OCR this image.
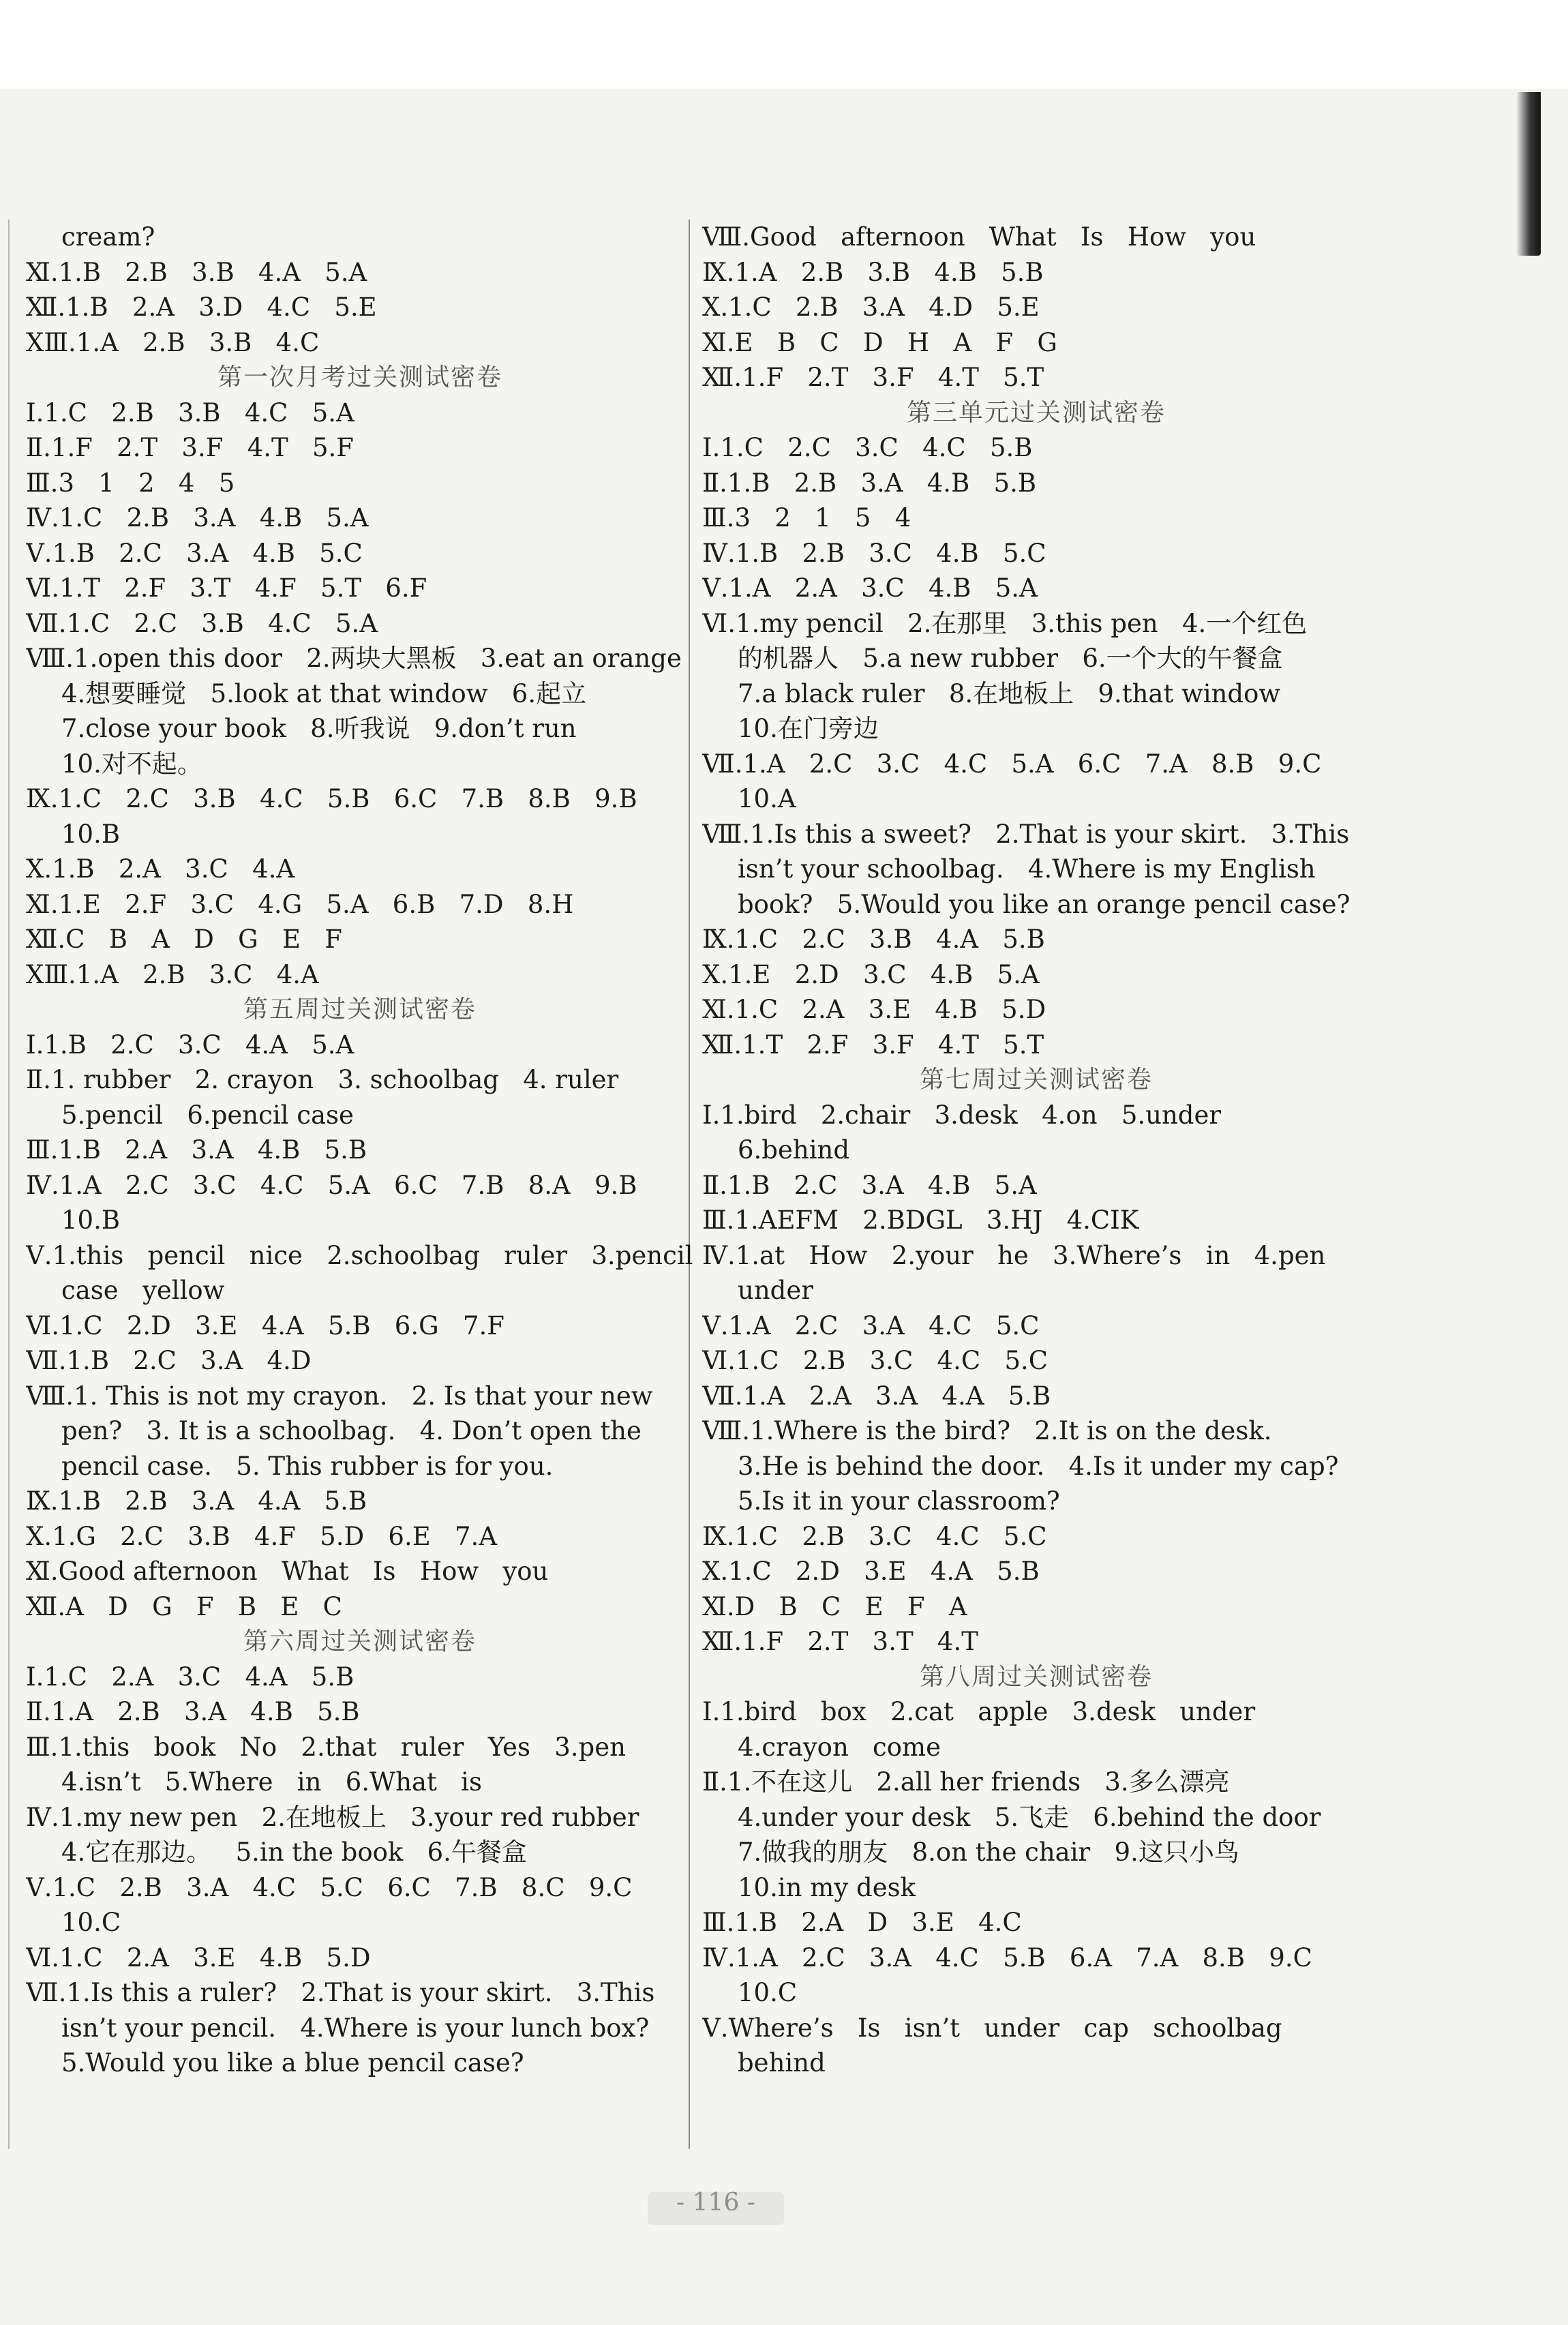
cream?
Ⅺ.1.B   2.B   3.B   4.A   5.A
Ⅻ.1.B   2.A   3.D   4.C   5.E
ⅩⅢ.1.A   2.B   3.B   4.C
第一次月考过关测试密卷
Ⅰ.1.C   2.B   3.B   4.C   5.A
Ⅱ.1.F   2.T   3.F   4.T   5.F
Ⅲ.3   1   2   4   5
Ⅳ.1.C   2.B   3.A   4.B   5.A
Ⅴ.1.B   2.C   3.A   4.B   5.C
Ⅵ.1.T   2.F   3.T   4.F   5.T   6.F
Ⅶ.1.C   2.C   3.B   4.C   5.A
Ⅷ.1.open this door   2.两块大黑板   3.eat an orange
4.想要睡觉   5.look at that window   6.起立
7.close your book   8.听我说   9.don’t run
10.对不起。
Ⅸ.1.C   2.C   3.B   4.C   5.B   6.C   7.B   8.B   9.B
10.B
Ⅹ.1.B   2.A   3.C   4.A
Ⅺ.1.E   2.F   3.C   4.G   5.A   6.B   7.D   8.H
Ⅻ.C   B   A   D   G   E   F
ⅩⅢ.1.A   2.B   3.C   4.A
第五周过关测试密卷
Ⅰ.1.B   2.C   3.C   4.A   5.A
Ⅱ.1. rubber   2. crayon   3. schoolbag   4. ruler
5.pencil   6.pencil case
Ⅲ.1.B   2.A   3.A   4.B   5.B
Ⅳ.1.A   2.C   3.C   4.C   5.A   6.C   7.B   8.A   9.B
10.B
Ⅴ.1.this   pencil   nice   2.schoolbag   ruler   3.pencil
case   yellow
Ⅵ.1.C   2.D   3.E   4.A   5.B   6.G   7.F
Ⅶ.1.B   2.C   3.A   4.D
Ⅷ.1. This is not my crayon.   2. Is that your new
pen?   3. It is a schoolbag.   4. Don’t open the
pencil case.   5. This rubber is for you.
Ⅸ.1.B   2.B   3.A   4.A   5.B
Ⅹ.1.G   2.C   3.B   4.F   5.D   6.E   7.A
Ⅺ.Good afternoon   What   Is   How   you
Ⅻ.A   D   G   F   B   E   C
第六周过关测试密卷
Ⅰ.1.C   2.A   3.C   4.A   5.B
Ⅱ.1.A   2.B   3.A   4.B   5.B
Ⅲ.1.this   book   No   2.that   ruler   Yes   3.pen
4.isn’t   5.Where   in   6.What   is
Ⅳ.1.my new pen   2.在地板上   3.your red rubber
4.它在那边。   5.in the book   6.午餐盒
Ⅴ.1.C   2.B   3.A   4.C   5.C   6.C   7.B   8.C   9.C
10.C
Ⅵ.1.C   2.A   3.E   4.B   5.D
Ⅶ.1.Is this a ruler?   2.That is your skirt.   3.This
isn’t your pencil.   4.Where is your lunch box?
5.Would you like a blue pencil case?
Ⅷ.Good   afternoon   What   Is   How   you
Ⅸ.1.A   2.B   3.B   4.B   5.B
Ⅹ.1.C   2.B   3.A   4.D   5.E
Ⅺ.E   B   C   D   H   A   F   G
Ⅻ.1.F   2.T   3.F   4.T   5.T
第三单元过关测试密卷
Ⅰ.1.C   2.C   3.C   4.C   5.B
Ⅱ.1.B   2.B   3.A   4.B   5.B
Ⅲ.3   2   1   5   4
Ⅳ.1.B   2.B   3.C   4.B   5.C
Ⅴ.1.A   2.A   3.C   4.B   5.A
Ⅵ.1.my pencil   2.在那里   3.this pen   4.一个红色
的机器人   5.a new rubber   6.一个大的午餐盒
7.a black ruler   8.在地板上   9.that window
10.在门旁边
Ⅶ.1.A   2.C   3.C   4.C   5.A   6.C   7.A   8.B   9.C
10.A
Ⅷ.1.Is this a sweet?   2.That is your skirt.   3.This
isn’t your schoolbag.   4.Where is my English
book?   5.Would you like an orange pencil case?
Ⅸ.1.C   2.C   3.B   4.A   5.B
Ⅹ.1.E   2.D   3.C   4.B   5.A
Ⅺ.1.C   2.A   3.E   4.B   5.D
Ⅻ.1.T   2.F   3.F   4.T   5.T
第七周过关测试密卷
Ⅰ.1.bird   2.chair   3.desk   4.on   5.under
6.behind
Ⅱ.1.B   2.C   3.A   4.B   5.A
Ⅲ.1.AEFM   2.BDGL   3.HJ   4.CIK
Ⅳ.1.at   How   2.your   he   3.Where’s   in   4.pen
under
Ⅴ.1.A   2.C   3.A   4.C   5.C
Ⅵ.1.C   2.B   3.C   4.C   5.C
Ⅶ.1.A   2.A   3.A   4.A   5.B
Ⅷ.1.Where is the bird?   2.It is on the desk.
3.He is behind the door.   4.Is it under my cap?
5.Is it in your classroom?
Ⅸ.1.C   2.B   3.C   4.C   5.C
Ⅹ.1.C   2.D   3.E   4.A   5.B
Ⅺ.D   B   C   E   F   A
Ⅻ.1.F   2.T   3.T   4.T
第八周过关测试密卷
Ⅰ.1.bird   box   2.cat   apple   3.desk   under
4.crayon   come
Ⅱ.1.不在这儿   2.all her friends   3.多么漂亮
4.under your desk   5.飞走   6.behind the door
7.做我的朋友   8.on the chair   9.这只小鸟
10.in my desk
Ⅲ.1.B   2.A   D   3.E   4.C
Ⅳ.1.A   2.C   3.A   4.C   5.B   6.A   7.A   8.B   9.C
10.C
Ⅴ.Where’s   Is   isn’t   under   cap   schoolbag
behind
- 116 -
